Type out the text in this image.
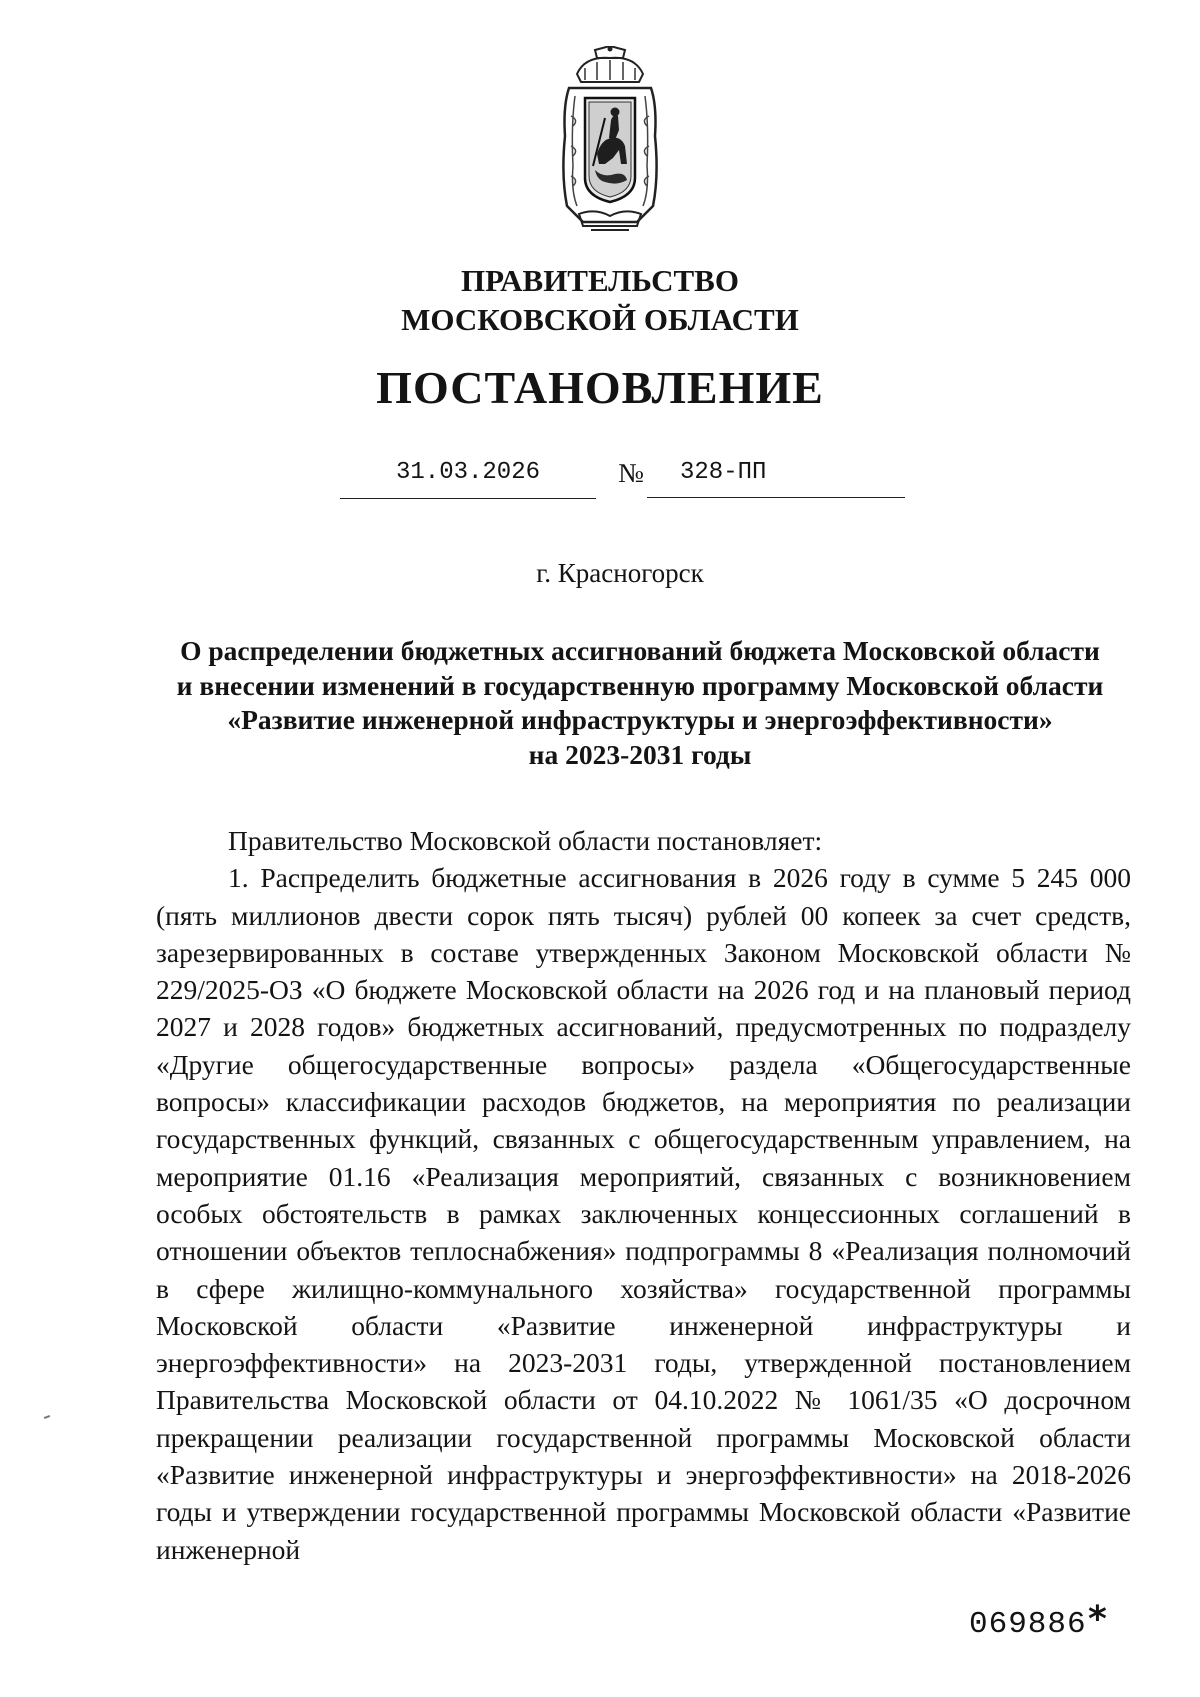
ПРАВИТЕЛЬСТВО
МОСКОВСКОЙ ОБЛАСТИ
ПОСТАНОВЛЕНИЕ
31.03.2026	№	328-ПП
г. Красногорск
О распределении бюджетных ассигнований бюджета Московской области
и внесении изменений в государственную программу Московской области
«Развитие инженерной инфраструктуры и энергоэффективности»
на 2023-2031 годы

Правительство Московской области постановляет:

1. Распределить бюджетные ассигнования в 2026 году в сумме 5 245 000 (пять миллионов двести сорок пять тысяч) рублей 00 копеек за счет средств, зарезервированных в составе утвержденных Законом Московской области № 229/2025-ОЗ «О бюджете Московской области на 2026 год и на плановый период 2027 и 2028 годов» бюджетных ассигнований, предусмотренных по подразделу «Другие общегосударственные вопросы» раздела «Общегосударственные вопросы» классификации расходов бюджетов, на мероприятия по реализации государственных функций, связанных с общегосударственным управлением, на мероприятие 01.16 «Реализация мероприятий, связанных с возникновением особых обстоятельств в рамках заключенных концессионных соглашений в отношении объектов теплоснабжения» подпрограммы 8 «Реализация полномочий в сфере жилищно-коммунального хозяйства» государственной программы Московской области «Развитие инженерной инфраструктуры и энергоэффективности» на 2023-2031 годы, утвержденной постановлением Правительства Московской области от 04.10.2022 № 1061/35 «О досрочном прекращении реализации государственной программы Московской области «Развитие инженерной инфраструктуры и энергоэффективности» на 2018-2026 годы и утверждении государственной программы Московской области «Развитие инженерной

069886 *
